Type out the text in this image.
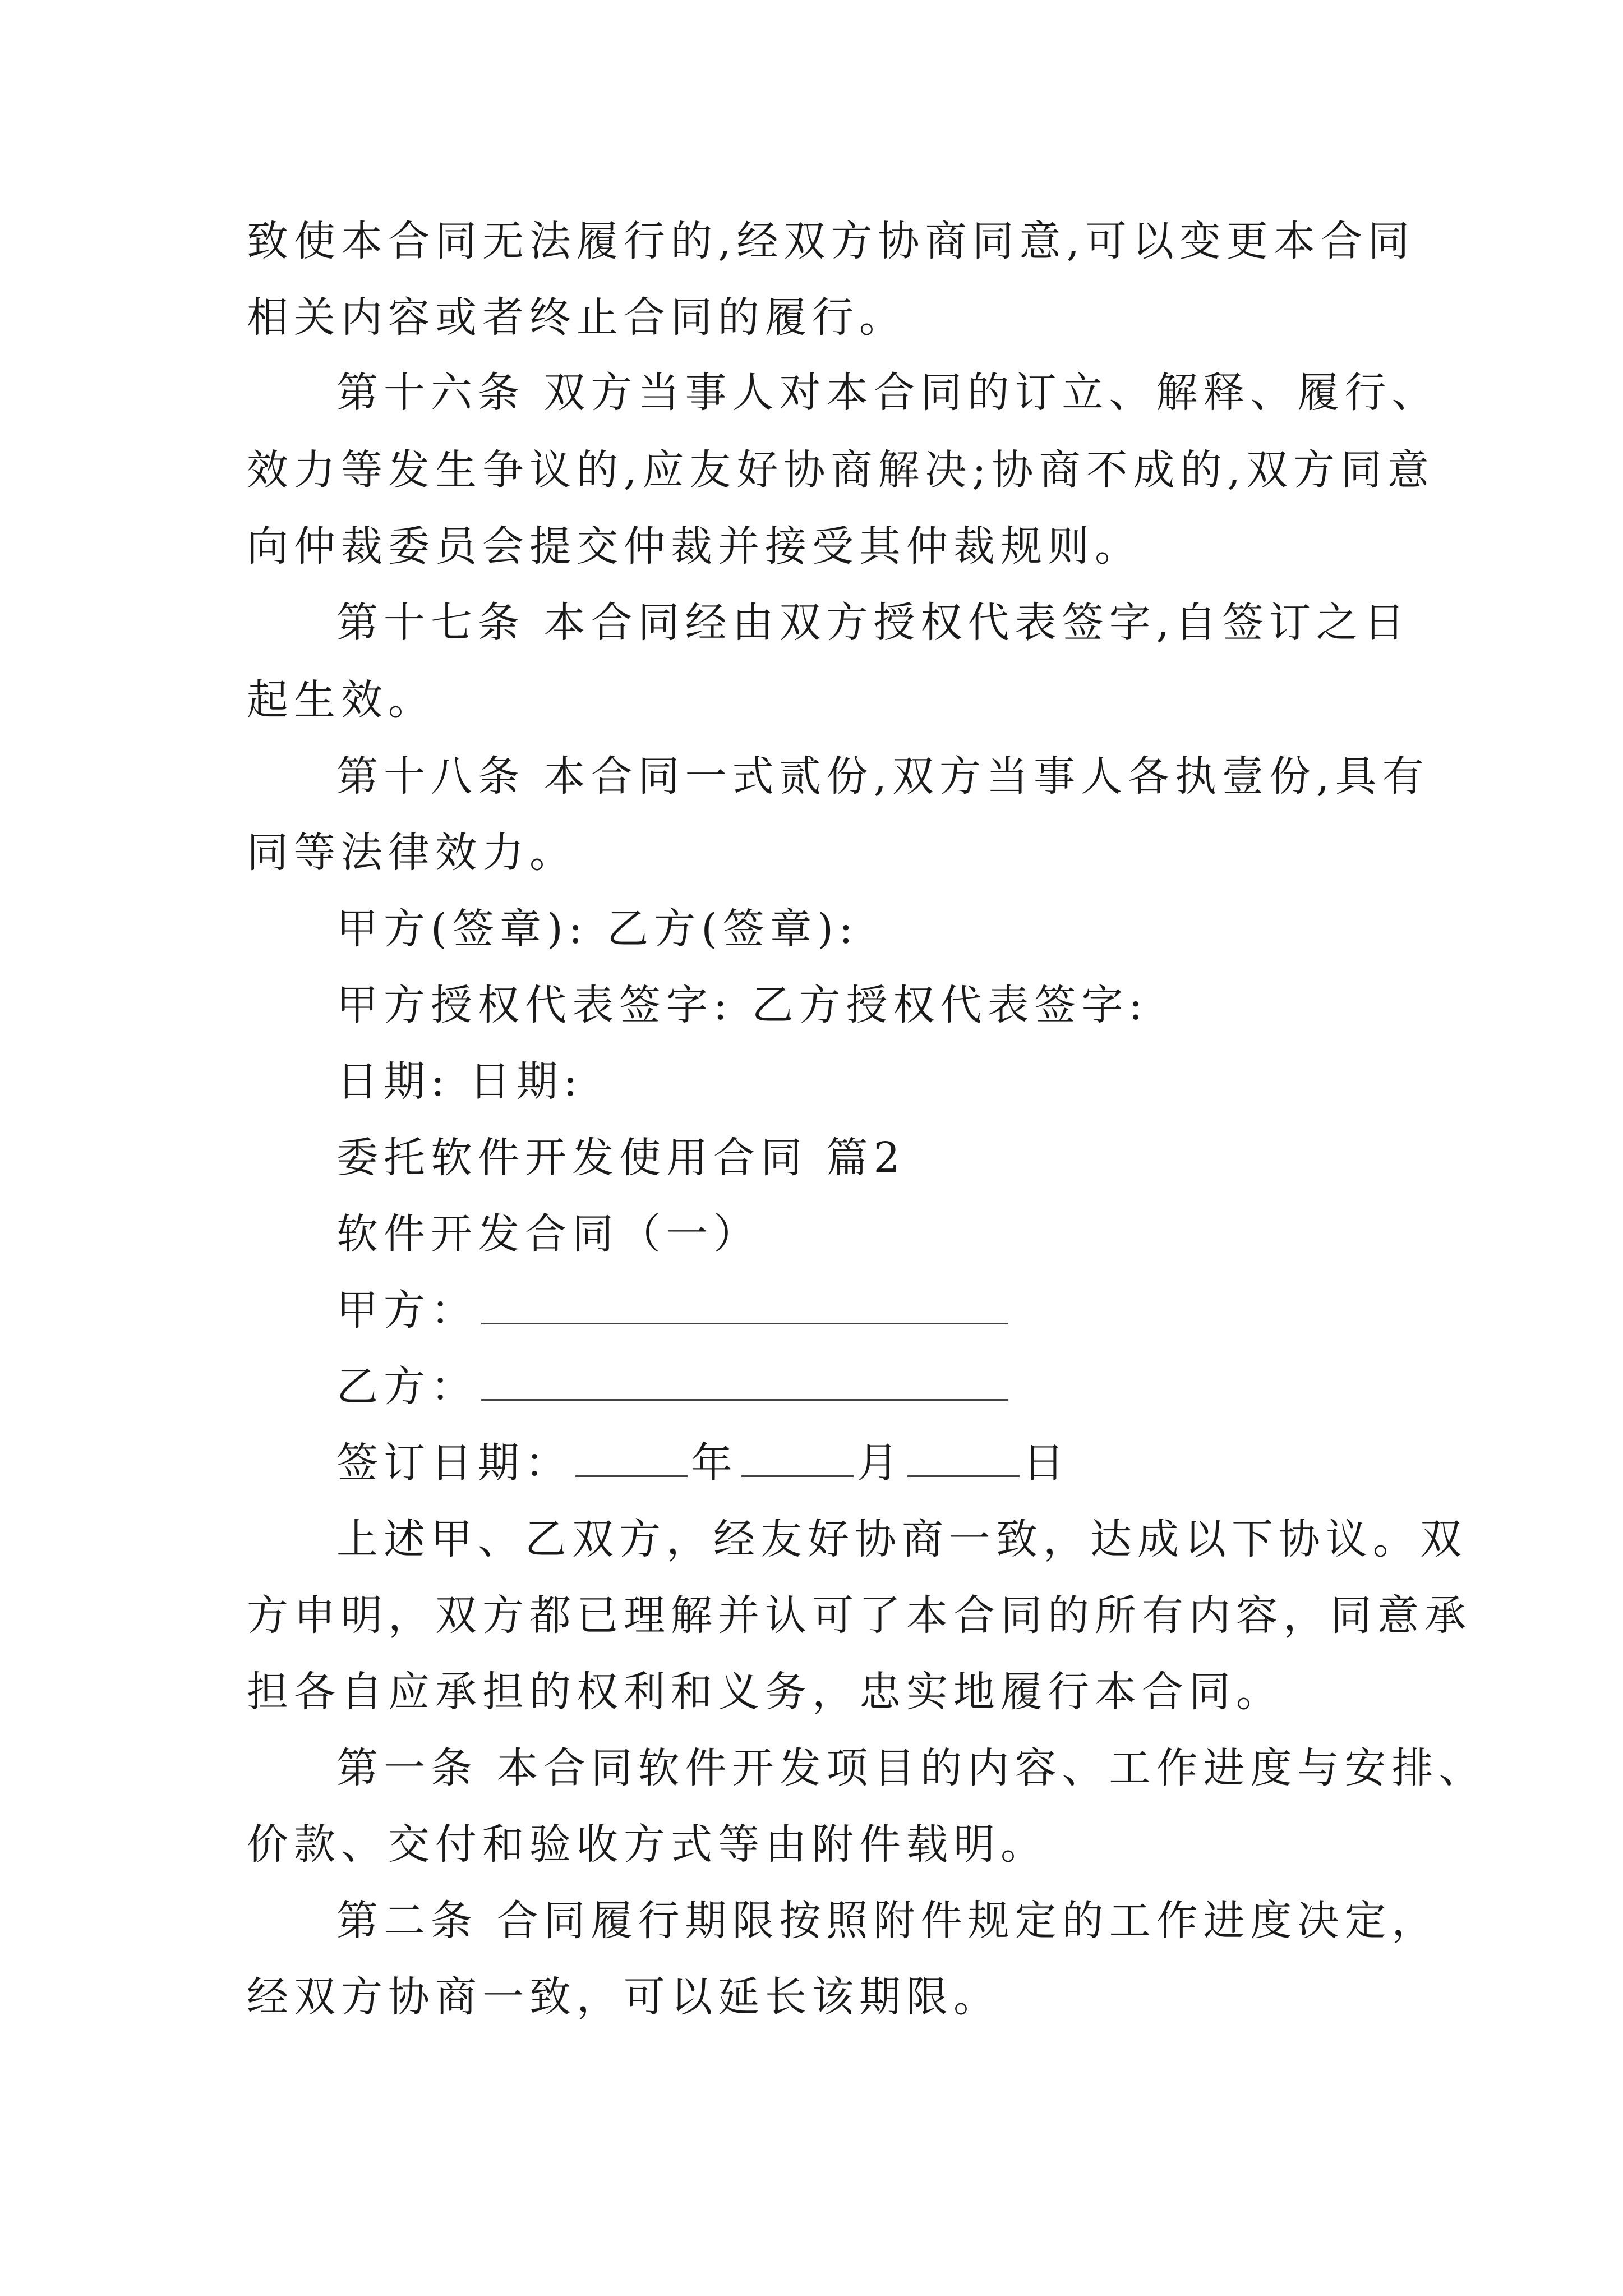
致使本合同无法履行的,经双方协商同意,可以变更本合同
相关内容或者终止合同的履行。
第十六条 双方当事人对本合同的订立、解释、履行、
效力等发生争议的,应友好协商解决;协商不成的,双方同意
向仲裁委员会提交仲裁并接受其仲裁规则。
第十七条 本合同经由双方授权代表签字,自签订之日
起生效。
第十八条 本合同一式贰份,双方当事人各执壹份,具有
同等法律效力。
甲方(签章): 乙方(签章):
甲方授权代表签字: 乙方授权代表签字:
日期: 日期:
委托软件开发使用合同 篇2
软件开发合同（一）
甲方：
乙方：
签订日期：	年	月	日
上述甲、乙双方，经友好协商一致，达成以下协议。双
方申明，双方都已理解并认可了本合同的所有内容，同意承
担各自应承担的权利和义务，忠实地履行本合同。
第一条 本合同软件开发项目的内容、工作进度与安排、
价款、交付和验收方式等由附件载明。
第二条 合同履行期限按照附件规定的工作进度决定，
经双方协商一致，可以延长该期限。
